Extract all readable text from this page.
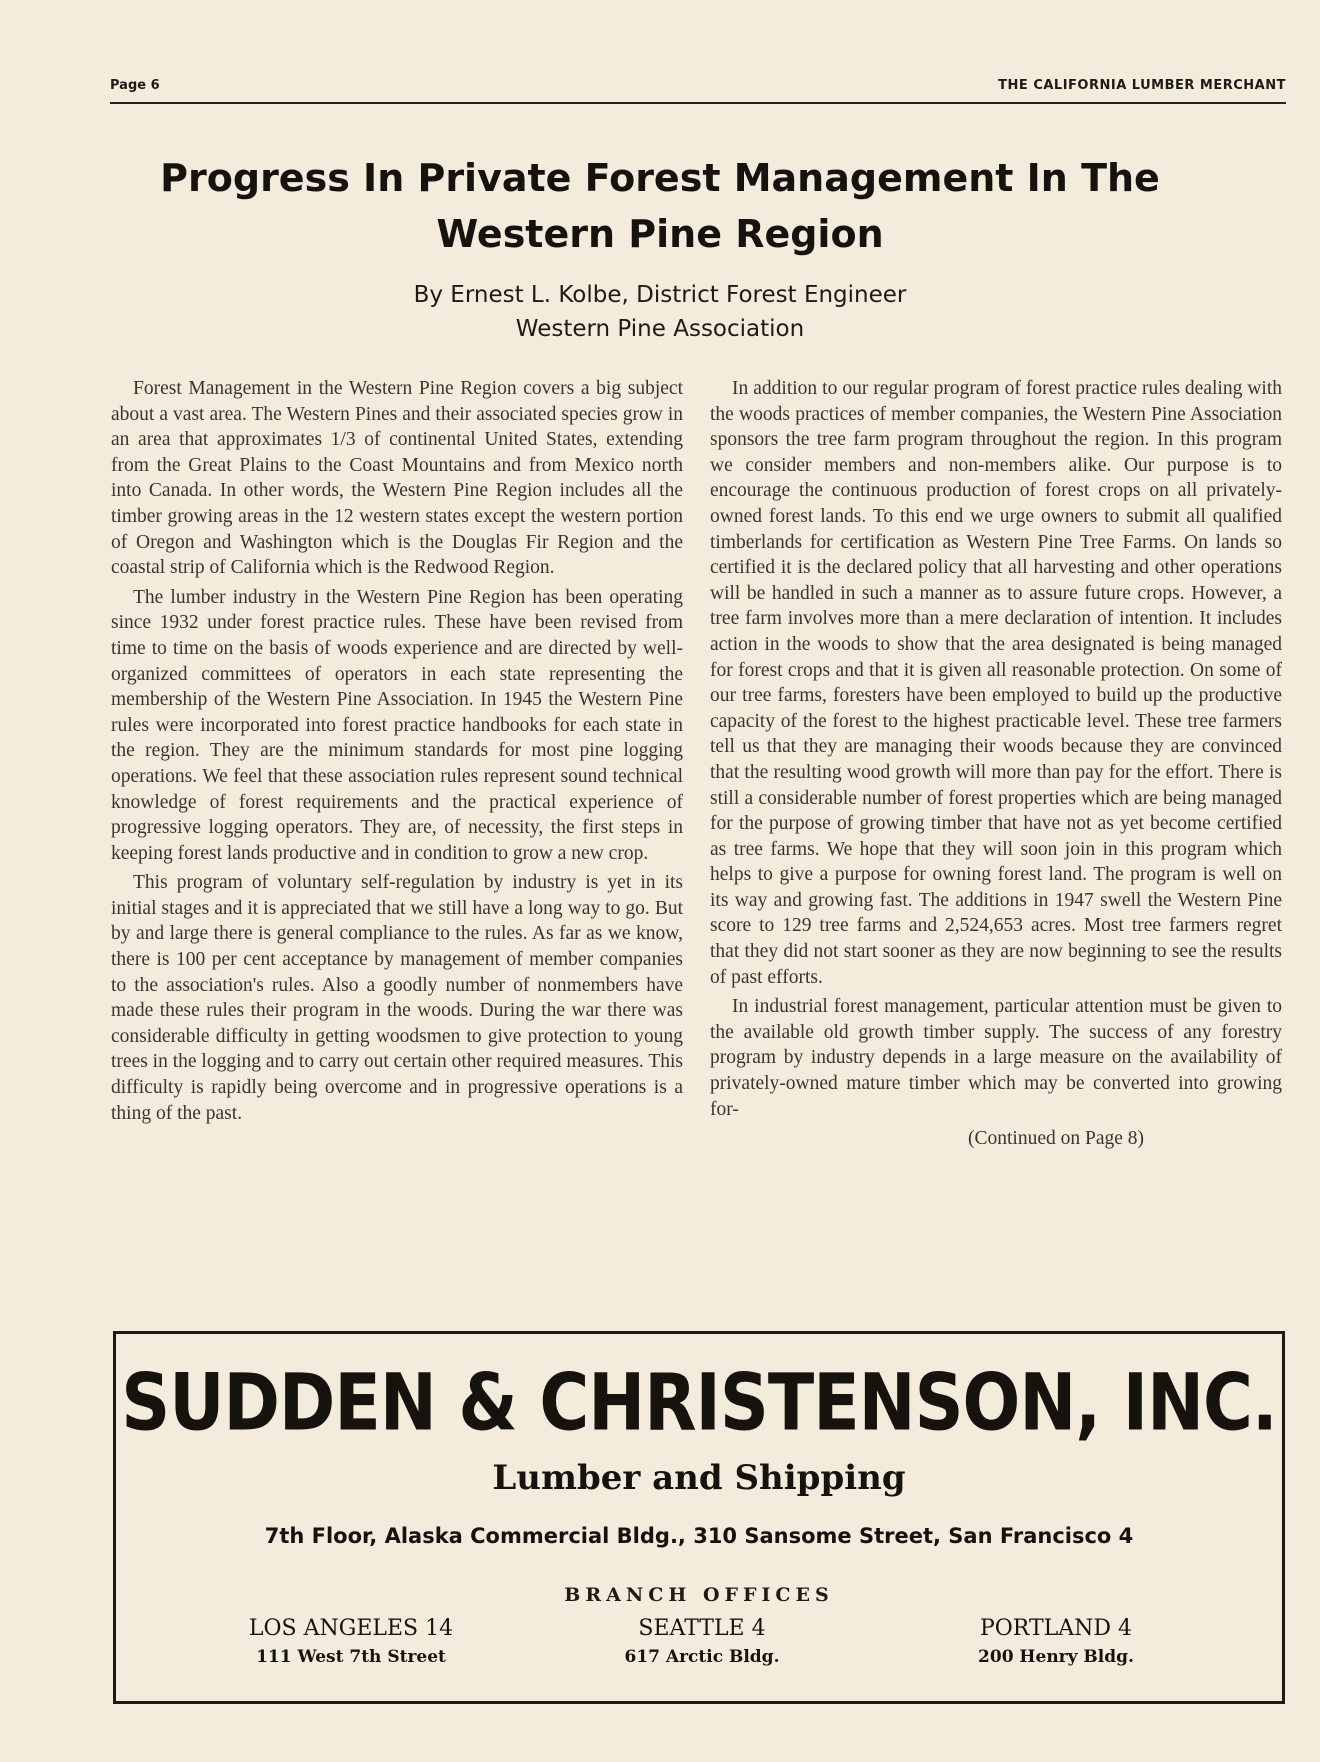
Page 6	THE CALIFORNIA LUMBER MERCHANT
Progress In Private Forest Management In The Western Pine Region
By Ernest L. Kolbe, District Forest Engineer
Western Pine Association

Forest Management in the Western Pine Region covers a big subject about a vast area. The Western Pines and their associated species grow in an area that approximates 1/3 of continental United States, extending from the Great Plains to the Coast Mountains and from Mexico north into Canada. In other words, the Western Pine Region includes all the timber growing areas in the 12 western states except the western portion of Oregon and Washington which is the Douglas Fir Region and the coastal strip of California which is the Redwood Region.

The lumber industry in the Western Pine Region has been operating since 1932 under forest practice rules. These have been revised from time to time on the basis of woods experience and are directed by well-organized committees of operators in each state representing the membership of the Western Pine Association. In 1945 the Western Pine rules were incorporated into forest practice handbooks for each state in the region. They are the minimum standards for most pine logging operations. We feel that these association rules represent sound technical knowledge of forest requirements and the practical experience of progressive logging operators. They are, of necessity, the first steps in keeping forest lands productive and in condition to grow a new crop.

This program of voluntary self-regulation by industry is yet in its initial stages and it is appreciated that we still have a long way to go. But by and large there is general compliance to the rules. As far as we know, there is 100 per cent acceptance by management of member companies to the association's rules. Also a goodly number of nonmembers have made these rules their program in the woods. During the war there was considerable difficulty in getting woodsmen to give protection to young trees in the logging and to carry out certain other required measures. This difficulty is rapidly being overcome and in progressive operations is a thing of the past.

In addition to our regular program of forest practice rules dealing with the woods practices of member companies, the Western Pine Association sponsors the tree farm program throughout the region. In this program we consider members and non-members alike. Our purpose is to encourage the continuous production of forest crops on all privately-owned forest lands. To this end we urge owners to submit all qualified timberlands for certification as Western Pine Tree Farms. On lands so certified it is the declared policy that all harvesting and other operations will be handled in such a manner as to assure future crops. However, a tree farm involves more than a mere declaration of intention. It includes action in the woods to show that the area designated is being managed for forest crops and that it is given all reasonable protection. On some of our tree farms, foresters have been employed to build up the productive capacity of the forest to the highest practicable level. These tree farmers tell us that they are managing their woods because they are convinced that the resulting wood growth will more than pay for the effort. There is still a considerable number of forest properties which are being managed for the purpose of growing timber that have not as yet become certified as tree farms. We hope that they will soon join in this program which helps to give a purpose for owning forest land. The program is well on its way and growing fast. The additions in 1947 swell the Western Pine score to 129 tree farms and 2,524,653 acres. Most tree farmers regret that they did not start sooner as they are now beginning to see the results of past efforts.

In industrial forest management, particular attention must be given to the available old growth timber supply. The success of any forestry program by industry depends in a large measure on the availability of privately-owned mature timber which may be converted into growing for-

(Continued on Page 8)

SUDDEN & CHRISTENSON, INC.
Lumber and Shipping
7th Floor, Alaska Commercial Bldg., 310 Sansome Street, San Francisco 4
BRANCH OFFICES
LOS ANGELES 14
111 West 7th Street
SEATTLE 4
617 Arctic Bldg.
PORTLAND 4
200 Henry Bldg.
